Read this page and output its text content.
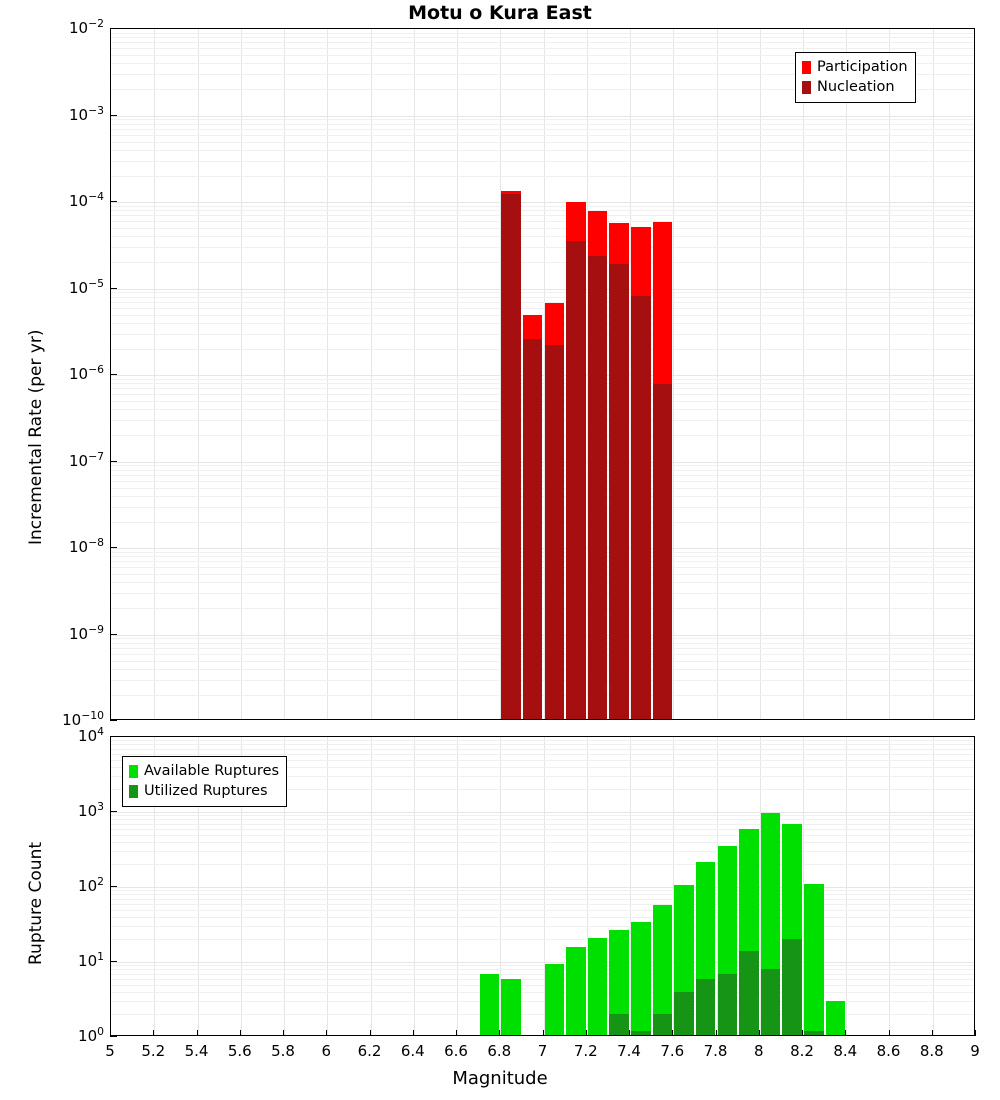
Motu o Kura East
Incremental Rate (per yr)
Rupture Count
Magnitude
Participation
Nucleation
Available Ruptures
Utilized Ruptures
$10^{-10}$
$10^{-9}$
$10^{-8}$
$10^{-7}$
$10^{-6}$
$10^{-5}$
$10^{-4}$
$10^{-3}$
$10^{-2}$
$10^0$
$10^1$
$10^2$
$10^3$
$10^4$
5	5.2	5.4	5.6	5.8	6	6.2	6.4	6.6	6.8	7	7.2	7.4	7.6	7.8	8	8.2	8.4	8.6	8.8	9
